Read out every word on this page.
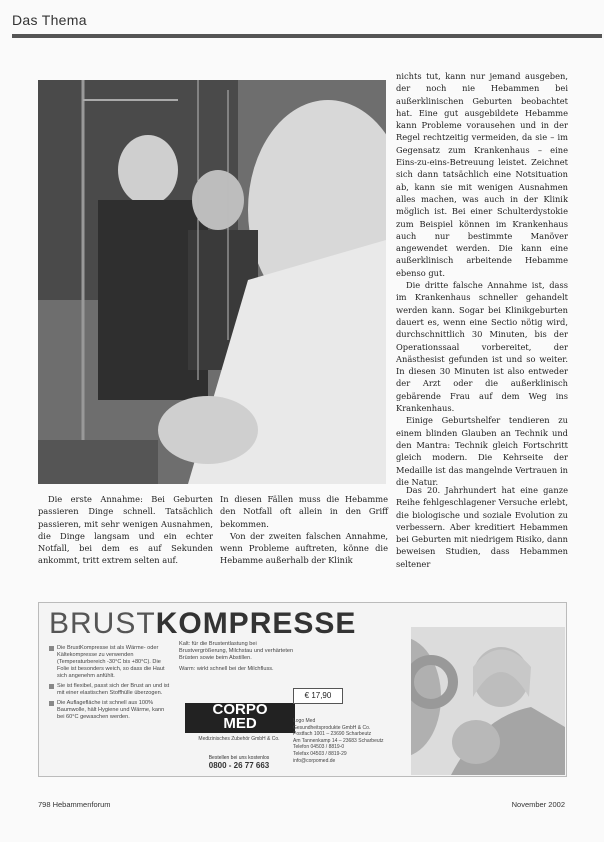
Das Thema

nichts tut, kann nur jemand ausgeben, der noch nie Hebammen bei außerklinischen Geburten beobachtet hat. Eine gut ausgebildete Hebamme kann Probleme vorausehen und in der Regel rechtzeitig vermeiden, da sie – im Gegensatz zum Krankenhaus – eine Eins-zu-eins-Betreuung leistet. Zeichnet sich dann tatsächlich eine Notsituation ab, kann sie mit wenigen Ausnahmen alles machen, was auch in der Klinik möglich ist. Bei einer Schulterdystokie zum Beispiel können im Krankenhaus auch nur bestimmte Manöver angewendet werden. Die kann eine außerklinisch arbeitende Hebamme ebenso gut.

Die dritte falsche Annahme ist, dass im Krankenhaus schneller gehandelt werden kann. Sogar bei Klinikgeburten dauert es, wenn eine Sectio nötig wird, durchschnittlich 30 Minuten, bis der Operationssaal vorbereitet, der Anästhesist gefunden ist und so weiter. In diesen 30 Minuten ist also entweder der Arzt oder die außerklinisch gebärende Frau auf dem Weg ins Krankenhaus.

Einige Geburtshelfer tendieren zu einem blinden Glauben an Technik und den Mantra: Technik gleich Fortschritt gleich modern. Die Kehrseite der Medaille ist das mangelnde Vertrauen in die Natur.

Das 20. Jahrhundert hat eine ganze Reihe fehlgeschlagener Versuche erlebt, die biologische und soziale Evolution zu verbessern. Aber kreditiert Hebammen bei Geburten mit niedrigem Risiko, dann beweisen Studien, dass Hebammen seltener

Die erste Annahme: Bei Geburten passieren Dinge schnell. Tatsächlich passieren, mit sehr wenigen Ausnahmen, die Dinge langsam und ein echter Notfall, bei dem es auf Sekunden ankommt, tritt extrem selten auf.

In diesen Fällen muss die Hebamme den Notfall oft allein in den Griff bekommen.

Von der zweiten falschen Annahme, wenn Probleme auftreten, könne die Hebamme außerhalb der Klinik

BRUSTKOMPRESSE
Die BrustKompresse ist als Wärme- oder Kältekompresse zu verwenden (Temperaturbereich -30°C bis +80°C). Die Folie ist besonders weich, so dass die Haut sich angenehm anfühlt.
Sie ist flexibel, passt sich der Brust an und ist mit einer elastischen Stoffhülle überzogen.
Die Auflagefläche ist schnell aus 100% Baumwolle, hält Hygiene und Wärme, kann bei 60°C gewaschen werden.
Kalt: für die Brustentlastung bei Brustvergrößerung, Milchstau und verhärteten Brüsten sowie beim Abstillen.
Warm: wirkt schnell bei der Milchfluss.
CORPO
MED
Medizinisches Zubehör GmbH & Co.
Bestellen bei uns kostenlos
0800 - 26 77 663
€ 17,90
Logo Med
Gesundheitsprodukte GmbH & Co.
Postfach 1001 – 23690 Scharbeutz
Am Tannenkamp 14 – 23683 Scharbeutz
Telefon 04503 / 8819-0
Telefax 04503 / 8819-29
info@corpomed.de
798 Hebammenforum	November 2002
